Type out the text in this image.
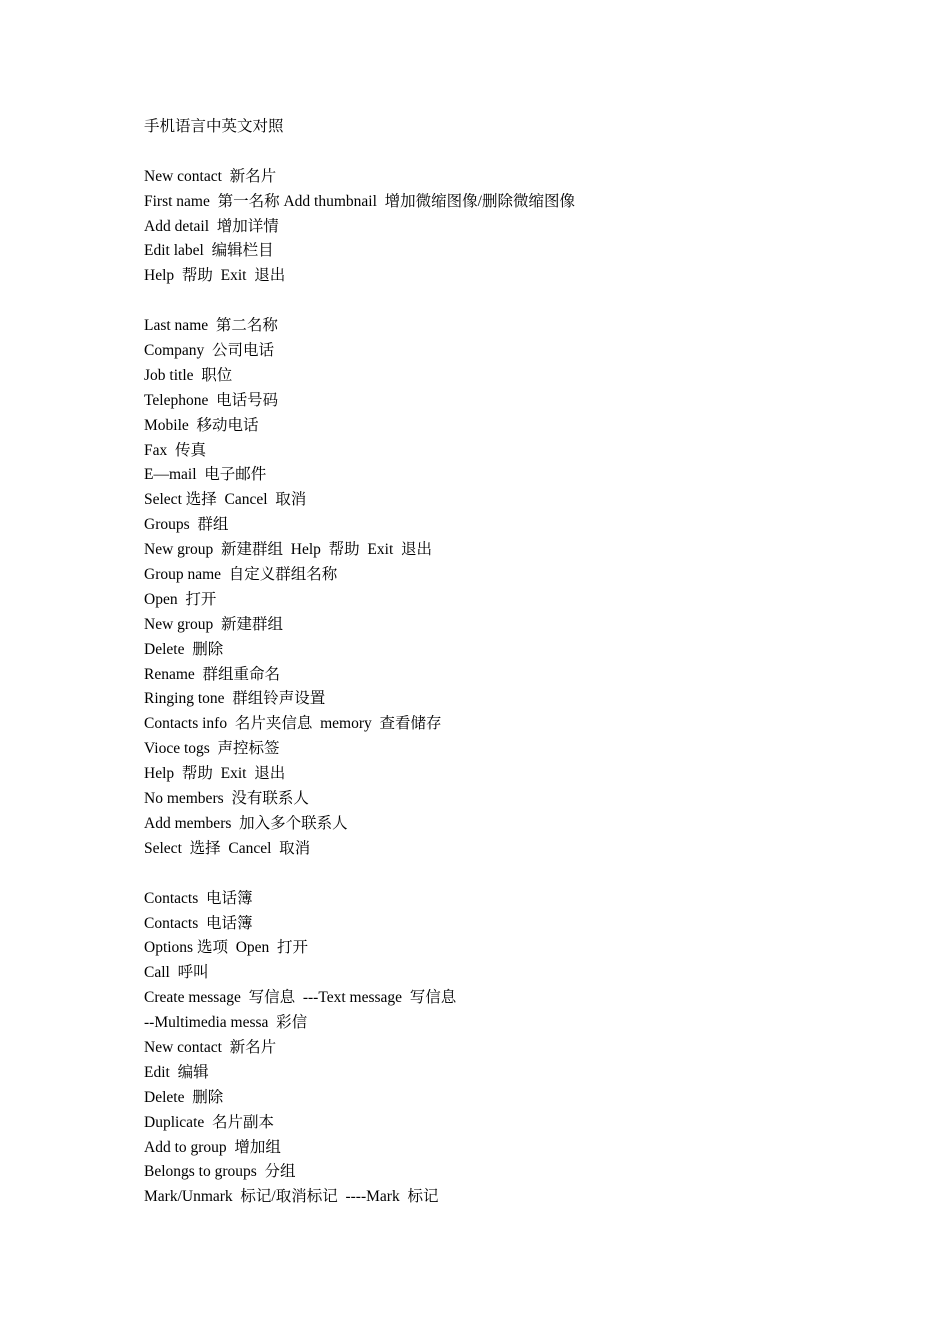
手机语言中英文对照
New contact  新名片
First name  第一名称 Add thumbnail  增加微缩图像/删除微缩图像
Add detail  增加详情
Edit label  编辑栏目
Help  帮助  Exit  退出
Last name  第二名称
Company  公司电话
Job title  职位
Telephone  电话号码
Mobile  移动电话
Fax  传真
E—mail  电子邮件
Select 选择  Cancel  取消
Groups  群组
New group  新建群组  Help  帮助  Exit  退出
Group name  自定义群组名称
Open  打开
New group  新建群组
Delete  删除
Rename  群组重命名
Ringing tone  群组铃声设置
Contacts info  名片夹信息  memory  查看储存
Vioce togs  声控标签
Help  帮助  Exit  退出
No members  没有联系人
Add members  加入多个联系人
Select  选择  Cancel  取消
Contacts  电话簿
Contacts  电话簿
Options 选项  Open  打开
Call  呼叫
Create message  写信息  ---Text message  写信息
--Multimedia messa  彩信
New contact  新名片
Edit  编辑
Delete  删除
Duplicate  名片副本
Add to group  增加组
Belongs to groups  分组
Mark/Unmark  标记/取消标记  ----Mark  标记
